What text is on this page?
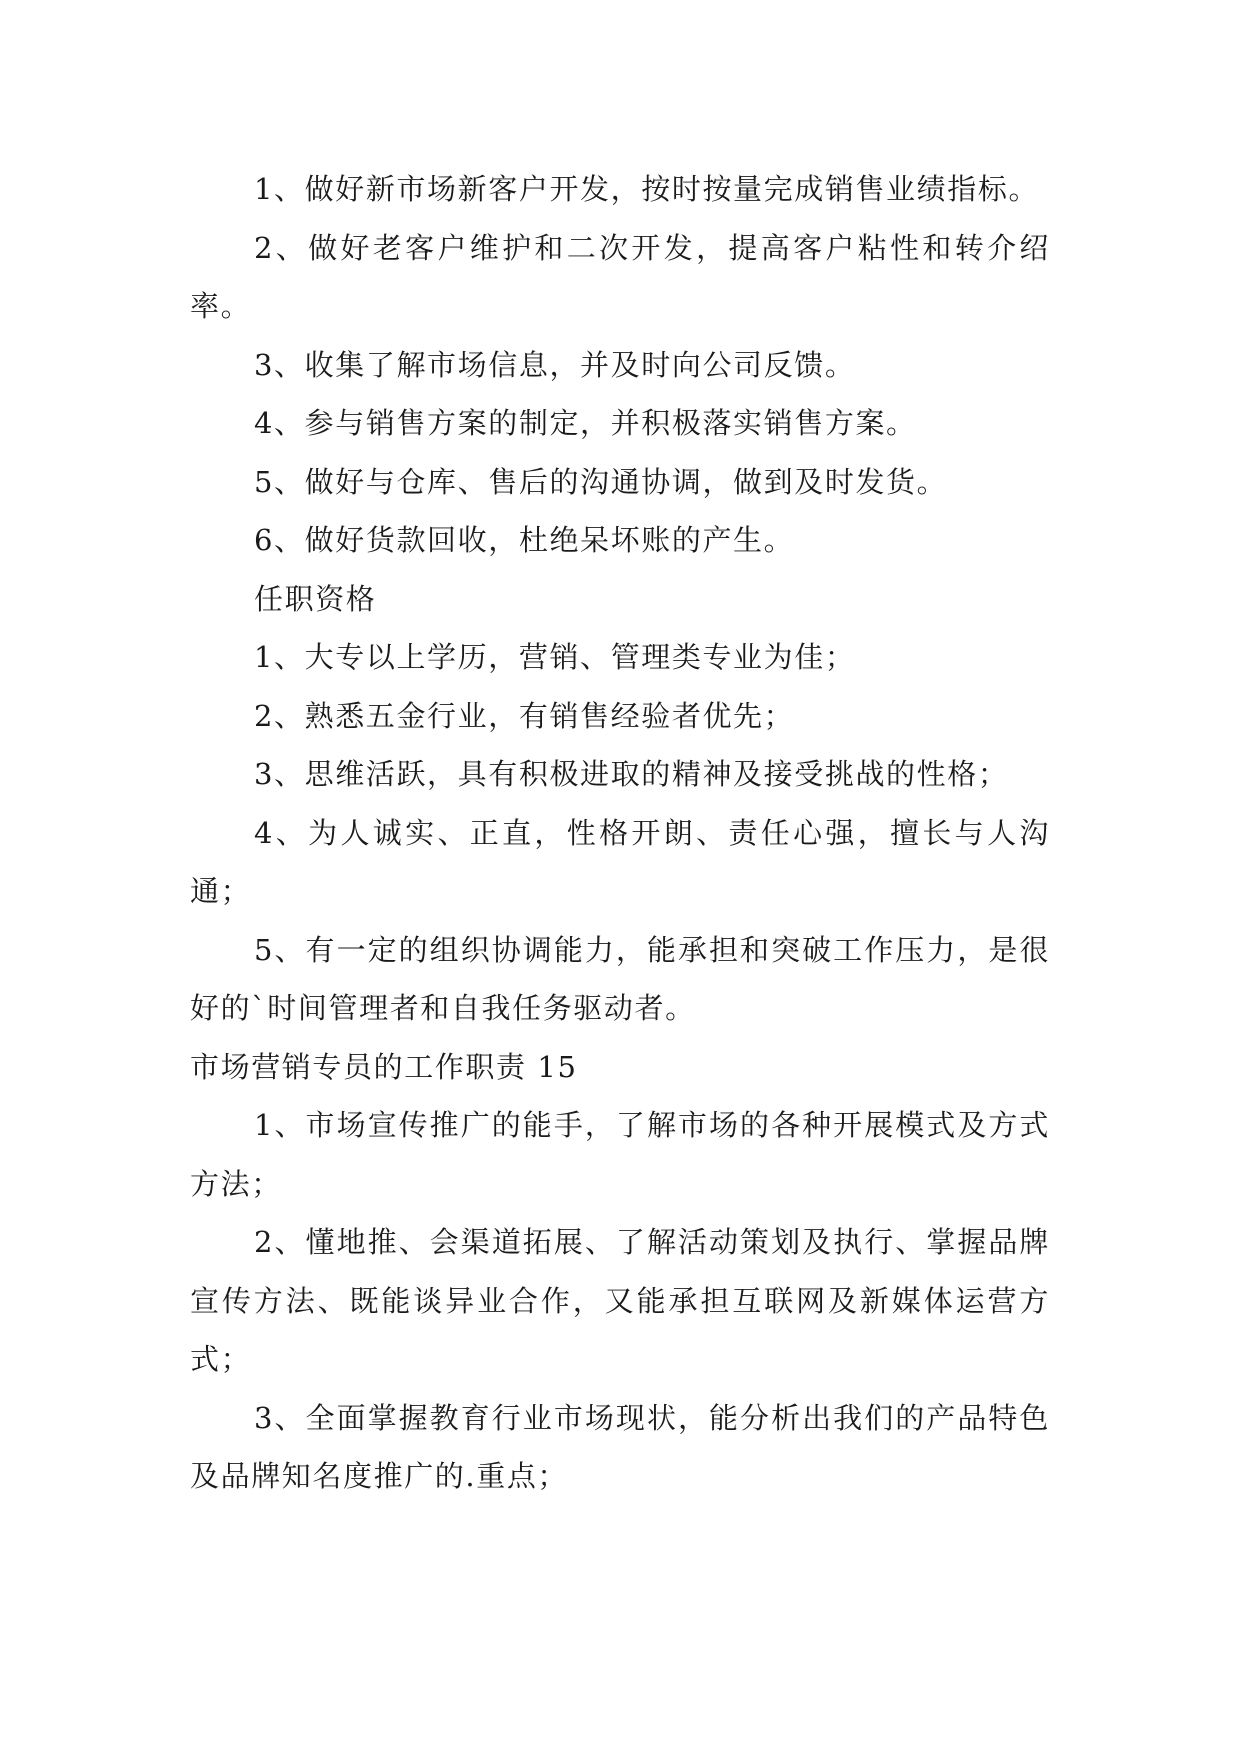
1、做好新市场新客户开发，按时按量完成销售业绩指标。

2、做好老客户维护和二次开发，提高客户粘性和转介绍率。

3、收集了解市场信息，并及时向公司反馈。

4、参与销售方案的制定，并积极落实销售方案。

5、做好与仓库、售后的沟通协调，做到及时发货。

6、做好货款回收，杜绝呆坏账的产生。

任职资格

1、大专以上学历，营销、管理类专业为佳；

2、熟悉五金行业，有销售经验者优先；

3、思维活跃，具有积极进取的精神及接受挑战的性格；

4、为人诚实、正直，性格开朗、责任心强，擅长与人沟通；

5、有一定的组织协调能力，能承担和突破工作压力，是很好的`时间管理者和自我任务驱动者。

市场营销专员的工作职责 15

1、市场宣传推广的能手，了解市场的各种开展模式及方式方法；

2、懂地推、会渠道拓展、了解活动策划及执行、掌握品牌宣传方法、既能谈异业合作，又能承担互联网及新媒体运营方式；

3、全面掌握教育行业市场现状，能分析出我们的产品特色及品牌知名度推广的.重点；
